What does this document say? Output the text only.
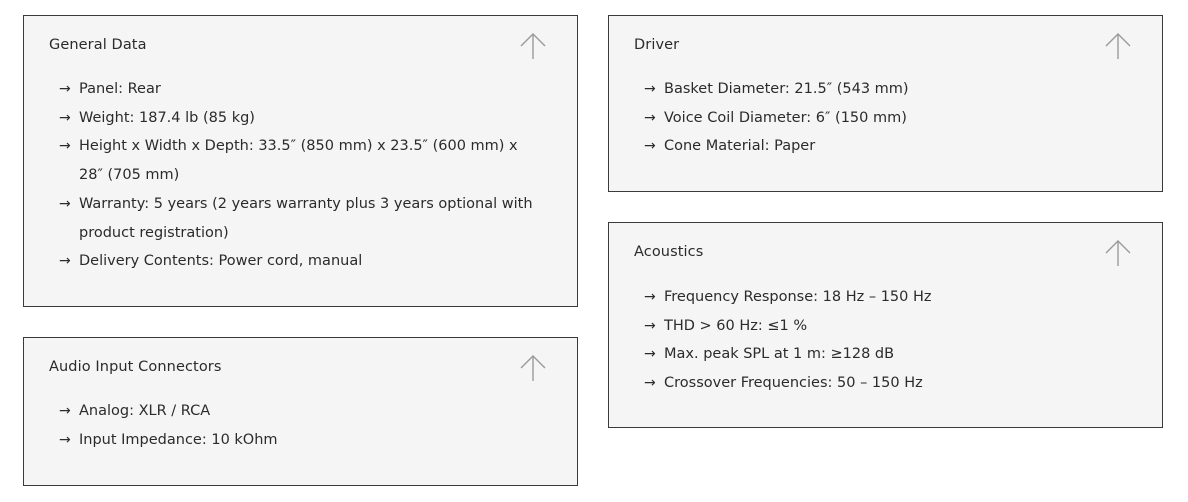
General Data
→ Panel: Rear
→ Weight: 187.4 lb (85 kg)
→ Height x Width x Depth: 33.5″ (850 mm) x 23.5″ (600 mm) x 28″ (705 mm)
→ Warranty: 5 years (2 years warranty plus 3 years optional with product registration)
→ Delivery Contents: Power cord, manual
Audio Input Connectors
→ Analog: XLR / RCA
→ Input Impedance: 10 kOhm
Driver
→ Basket Diameter: 21.5″ (543 mm)
→ Voice Coil Diameter: 6″ (150 mm)
→ Cone Material: Paper
Acoustics
→ Frequency Response: 18 Hz – 150 Hz
→ THD > 60 Hz: ≤1 %
→ Max. peak SPL at 1 m: ≥128 dB
→ Crossover Frequencies: 50 – 150 Hz
